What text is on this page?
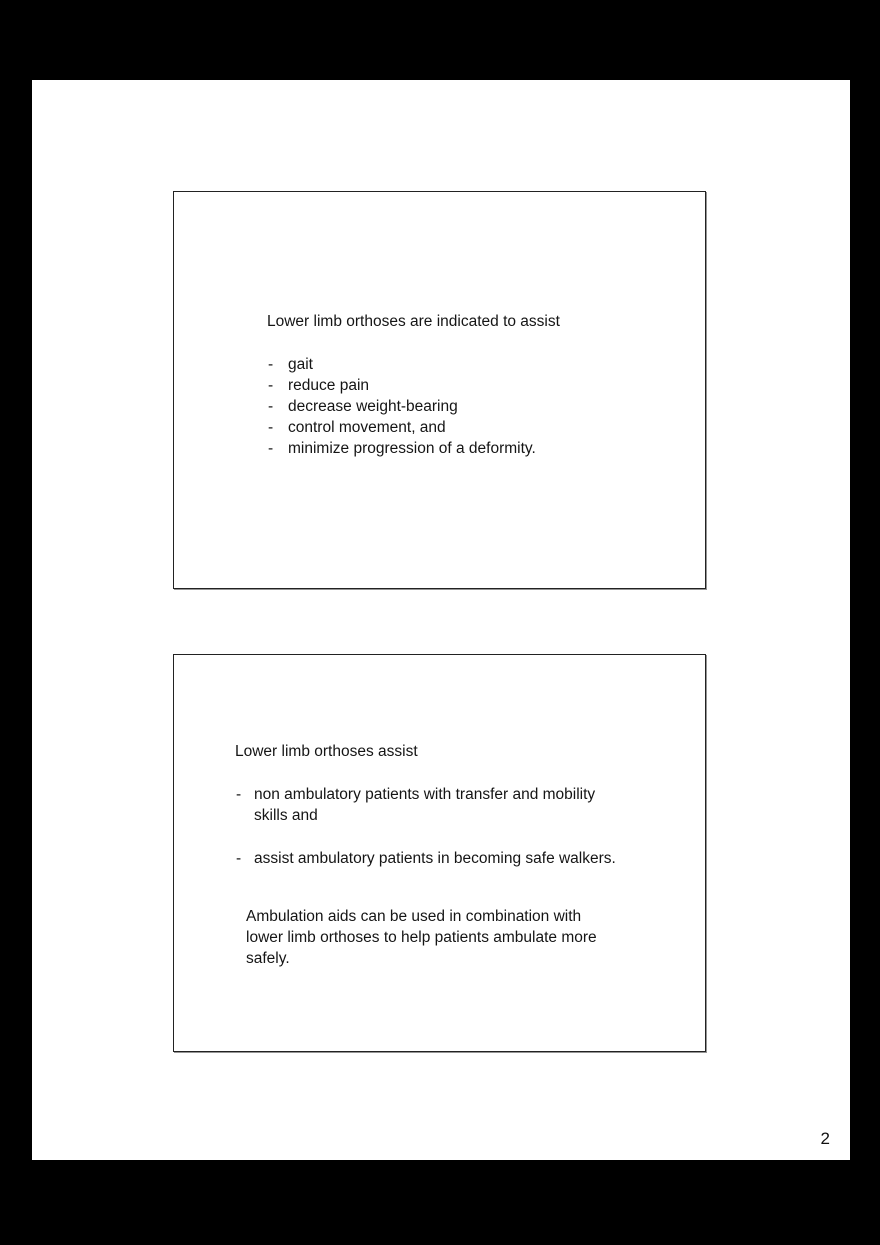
Lower limb orthoses are indicated to assist
- gait
- reduce pain
- decrease weight-bearing
- control movement, and
- minimize progression of a deformity.
Lower limb orthoses assist
- non ambulatory patients with transfer and mobility
skills and
- assist ambulatory patients in becoming safe walkers.
Ambulation aids can be used in combination with
lower limb orthoses to help patients ambulate more
safely.
2
